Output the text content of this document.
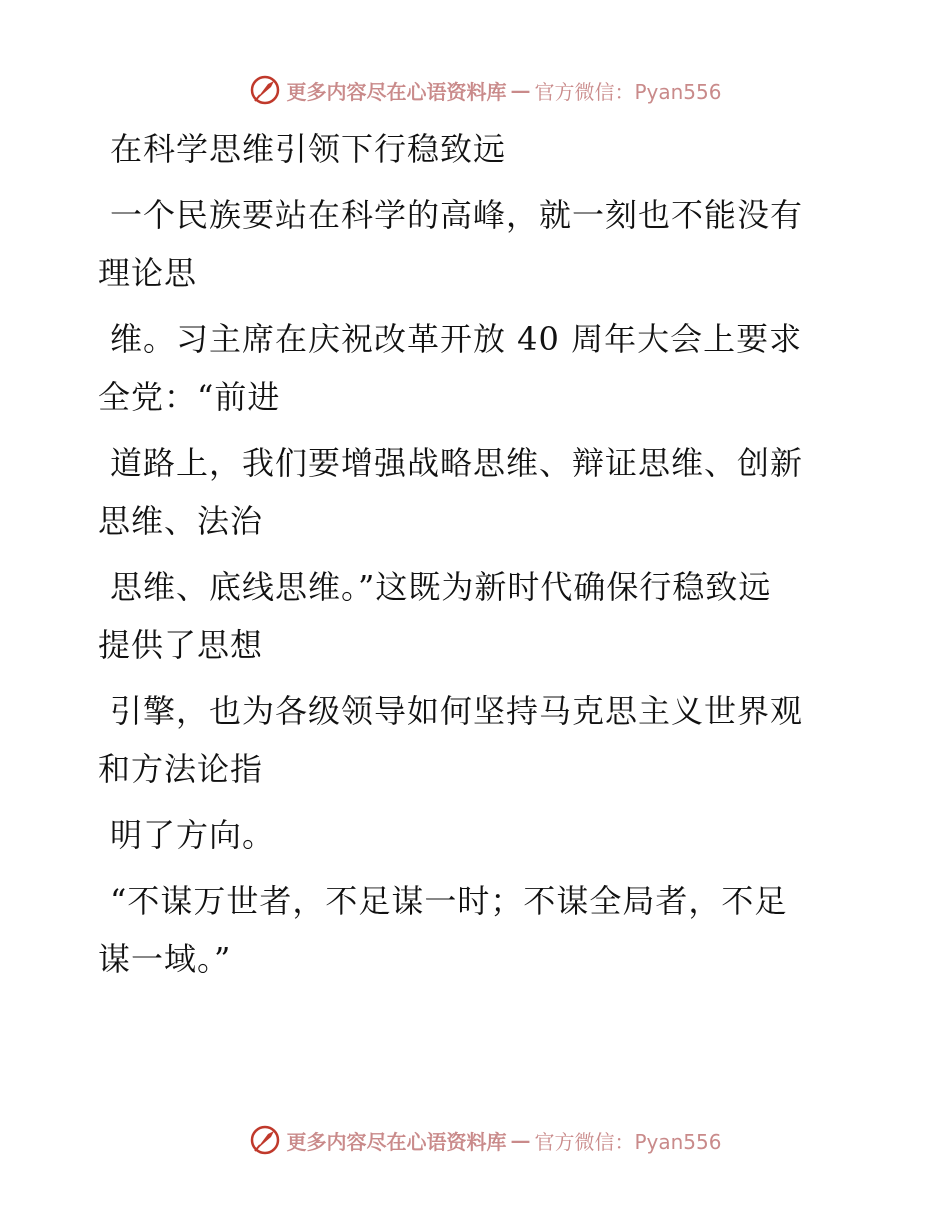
更多内容尽在心语资料库 — 官方微信：Pyan556
在科学思维引领下行稳致远
一个民族要站在科学的高峰，就一刻也不能没有
理论思
维。习主席在庆祝改革开放 40 周年大会上要求
全党：“前进
道路上，我们要增强战略思维、辩证思维、创新
思维、法治
思维、底线思维。”这既为新时代确保行稳致远
提供了思想
引擎，也为各级领导如何坚持马克思主义世界观
和方法论指
明了方向。
“不谋万世者，不足谋一时；不谋全局者，不足
谋一域。”
更多内容尽在心语资料库 — 官方微信：Pyan556
